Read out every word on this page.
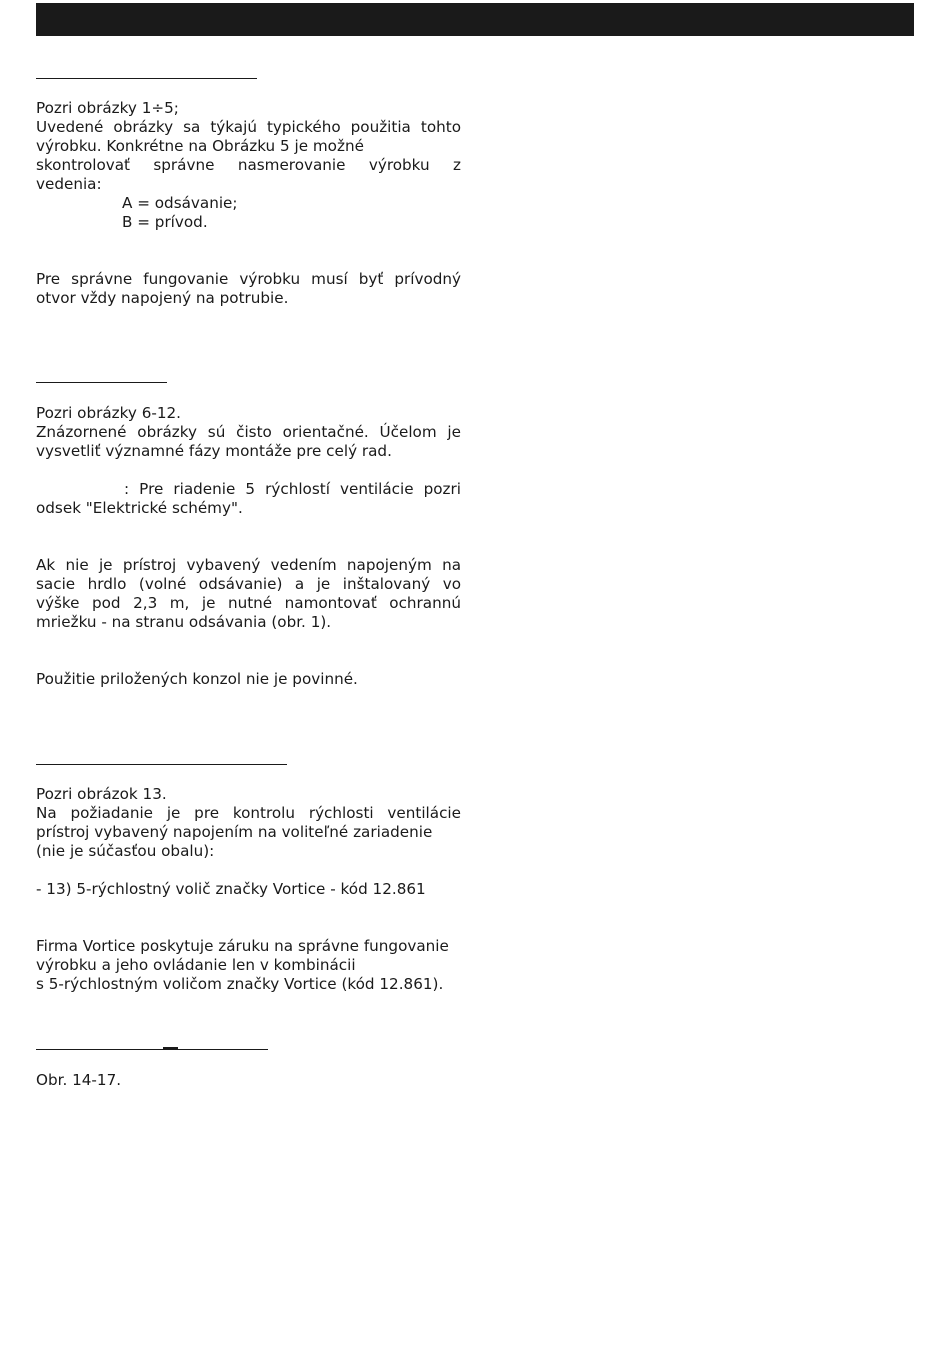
Pozri obrázky 1÷5;
Uvedené obrázky sa týkajú typického použitia tohto
výrobku. Konkrétne na Obrázku 5 je možné
skontrolovať správne nasmerovanie výrobku z
vedenia:
A = odsávanie;
B = prívod.
Pre správne fungovanie výrobku musí byť prívodný
otvor vždy napojený na potrubie.
Pozri obrázky 6-12.
Znázornené obrázky sú čisto orientačné. Účelom je
vysvetliť významné fázy montáže pre celý rad.
: Pre riadenie 5 rýchlostí ventilácie pozri
odsek "Elektrické schémy".
Ak nie je prístroj vybavený vedením napojeným na
sacie hrdlo (volné odsávanie) a je inštalovaný vo
výške pod 2,3 m, je nutné namontovať ochrannú
mriežku - na stranu odsávania (obr. 1).
Použitie priložených konzol nie je povinné.
Pozri obrázok 13.
Na požiadanie je pre kontrolu rýchlosti ventilácie
prístroj vybavený napojením na voliteľné zariadenie
(nie je súčasťou obalu):
- 13) 5-rýchlostný volič značky Vortice - kód 12.861
Firma Vortice poskytuje záruku na správne fungovanie
výrobku a jeho ovládanie len v kombinácii
s 5-rýchlostným voličom značky Vortice (kód 12.861).
Obr. 14-17.
